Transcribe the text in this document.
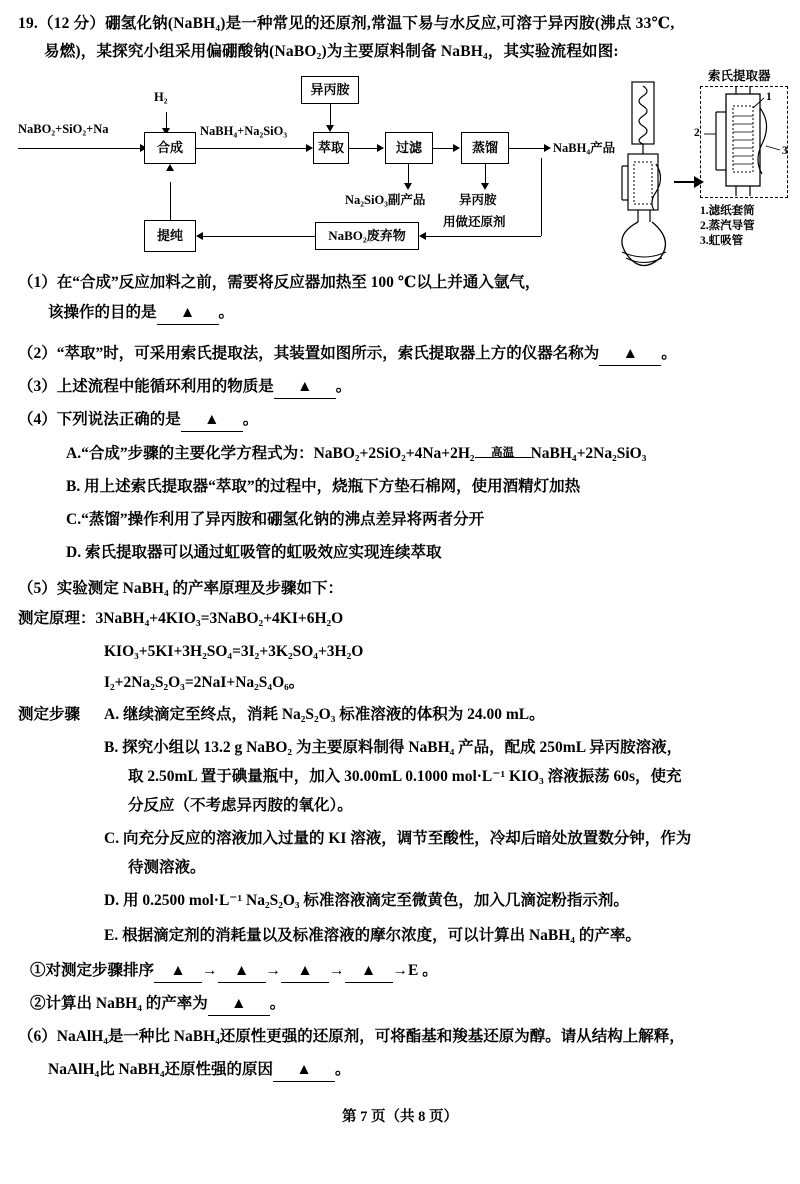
19.（12 分）硼氢化钠(NaBH₄)是一种常见的还原剂,常温下易与水反应,可溶于异丙胺(沸点 33℃,
易燃)，某探究小组采用偏硼酸钠(NaBO₂)为主要原料制备 NaBH₄，其实验流程如图:
NaBO₂+SiO₂+Na
H₂
合成
NaBH₄+Na₂SiO₃
异丙胺
萃取	过滤	蒸馏	NaBH₄产品
Na₂SiO₃副产品	异丙胺
NaBO₂废弃物
提纯
用做还原剂
索氏提取器
1
2
3
1.滤纸套筒
2.蒸汽导管
3.虹吸管
（1）在“合成”反应加料之前，需要将反应器加热至 100 ℃以上并通入氩气，
该操作的目的是 ▲ 。
（2）“萃取”时，可采用索氏提取法，其装置如图所示，索氏提取器上方的仪器名称为 ▲ 。
（3）上述流程中能循环利用的物质是 ▲ 。
（4）下列说法正确的是 ▲ 。
A.“合成”步骤的主要化学方程式为：NaBO₂+2SiO₂+4Na+2H₂	高温	NaBH₄+2Na₂SiO₃
B. 用上述索氏提取器“萃取”的过程中，烧瓶下方垫石棉网，使用酒精灯加热
C.“蒸馏”操作利用了异丙胺和硼氢化钠的沸点差异将两者分开
D. 索氏提取器可以通过虹吸管的虹吸效应实现连续萃取
（5）实验测定 NaBH₄ 的产率原理及步骤如下：
测定原理：3NaBH₄+4KIO₃=3NaBO₂+4KI+6H₂O
KIO₃+5KI+3H₂SO₄=3I₂+3K₂SO₄+3H₂O
I₂+2Na₂S₂O₃=2NaI+Na₂S₄O₆。
测定步骤 A. 继续滴定至终点，消耗 Na₂S₂O₃ 标准溶液的体积为 24.00 mL。
B. 探究小组以 13.2 g NaBO₂ 为主要原料制得 NaBH₄ 产品，配成 250mL 异丙胺溶液，
取 2.50mL 置于碘量瓶中，加入 30.00mL 0.1000 mol·L⁻¹ KIO₃ 溶液振荡 60s，使充
分反应（不考虑异丙胺的氧化）。
C. 向充分反应的溶液加入过量的 KI 溶液，调节至酸性，冷却后暗处放置数分钟，作为
待测溶液。
D. 用 0.2500 mol·L⁻¹ Na₂S₂O₃ 标准溶液滴定至微黄色，加入几滴淀粉指示剂。
E. 根据滴定剂的消耗量以及标准溶液的摩尔浓度，可以计算出 NaBH₄ 的产率。
①对测定步骤排序 ▲ → ▲ → ▲ → ▲ →E 。
②计算出 NaBH₄ 的产率为 ▲ 。
（6）NaAlH₄是一种比 NaBH₄还原性更强的还原剂，可将酯基和羧基还原为醇。请从结构上解释，
NaAlH₄比 NaBH₄还原性强的原因 ▲ 。
第 7 页（共 8 页）
